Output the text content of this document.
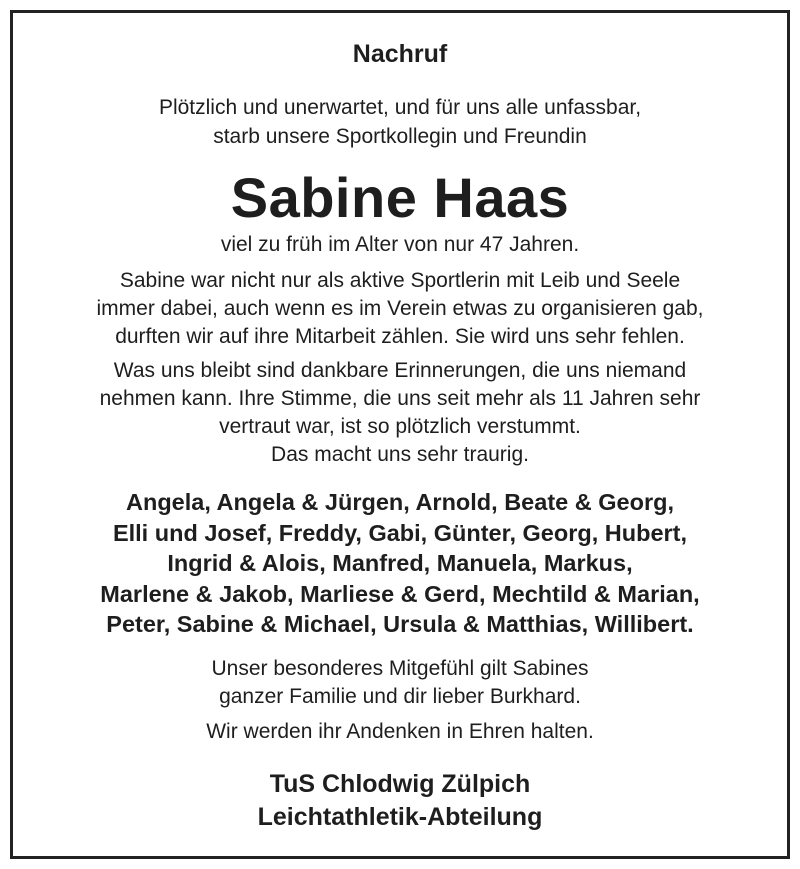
Nachruf

Plötzlich und unerwartet, und für uns alle unfassbar,

starb unsere Sportkollegin und Freundin

Sabine Haas

viel zu früh im Alter von nur 47 Jahren.

Sabine war nicht nur als aktive Sportlerin mit Leib und Seele

immer dabei, auch wenn es im Verein etwas zu organisieren gab,

durften wir auf ihre Mitarbeit zählen. Sie wird uns sehr fehlen.

Was uns bleibt sind dankbare Erinnerungen, die uns niemand

nehmen kann. Ihre Stimme, die uns seit mehr als 11 Jahren sehr

vertraut war, ist so plötzlich verstummt.

Das macht uns sehr traurig.

Angela, Angela & Jürgen, Arnold, Beate & Georg,

Elli und Josef, Freddy, Gabi, Günter, Georg, Hubert,

Ingrid & Alois, Manfred, Manuela, Markus,

Marlene & Jakob, Marliese & Gerd, Mechtild & Marian,

Peter, Sabine & Michael, Ursula & Matthias, Willibert.

Unser besonderes Mitgefühl gilt Sabines

ganzer Familie und dir lieber Burkhard.

Wir werden ihr Andenken in Ehren halten.

TuS Chlodwig Zülpich

Leichtathletik-Abteilung
